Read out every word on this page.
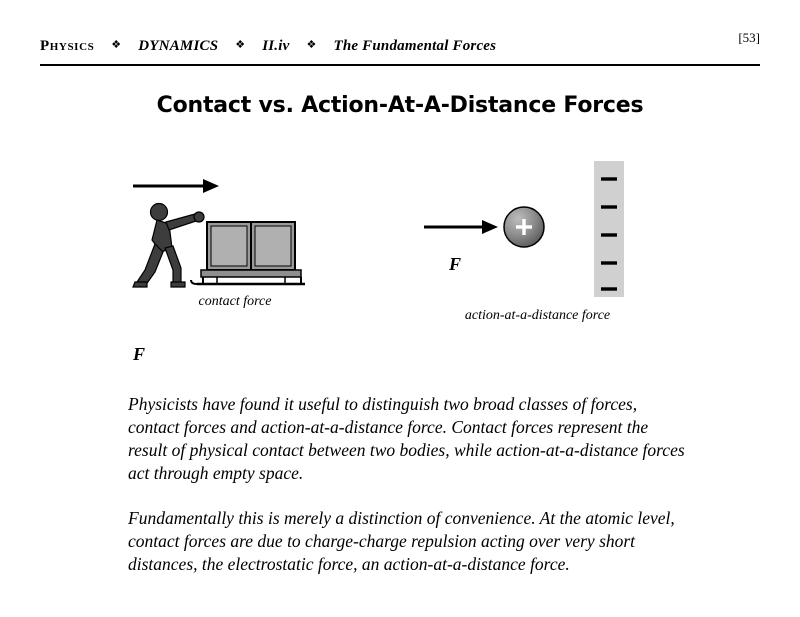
PHYSICS ❖ DYNAMICS ❖ II.iv ❖ The Fundamental Forces
[53]
Contact vs. Action-At-A-Distance Forces
F
contact force
F
action-at-a-distance force

Physicists have found it useful to distinguish two broad classes of forces, contact forces and action-at-a-distance force. Contact forces represent the result of physical contact between two bodies, while action-at-a-distance forces act through empty space.

Fundamentally this is merely a distinction of convenience. At the atomic level, contact forces are due to charge-charge repulsion acting over very short distances, the electrostatic force, an action-at-a-distance force.
